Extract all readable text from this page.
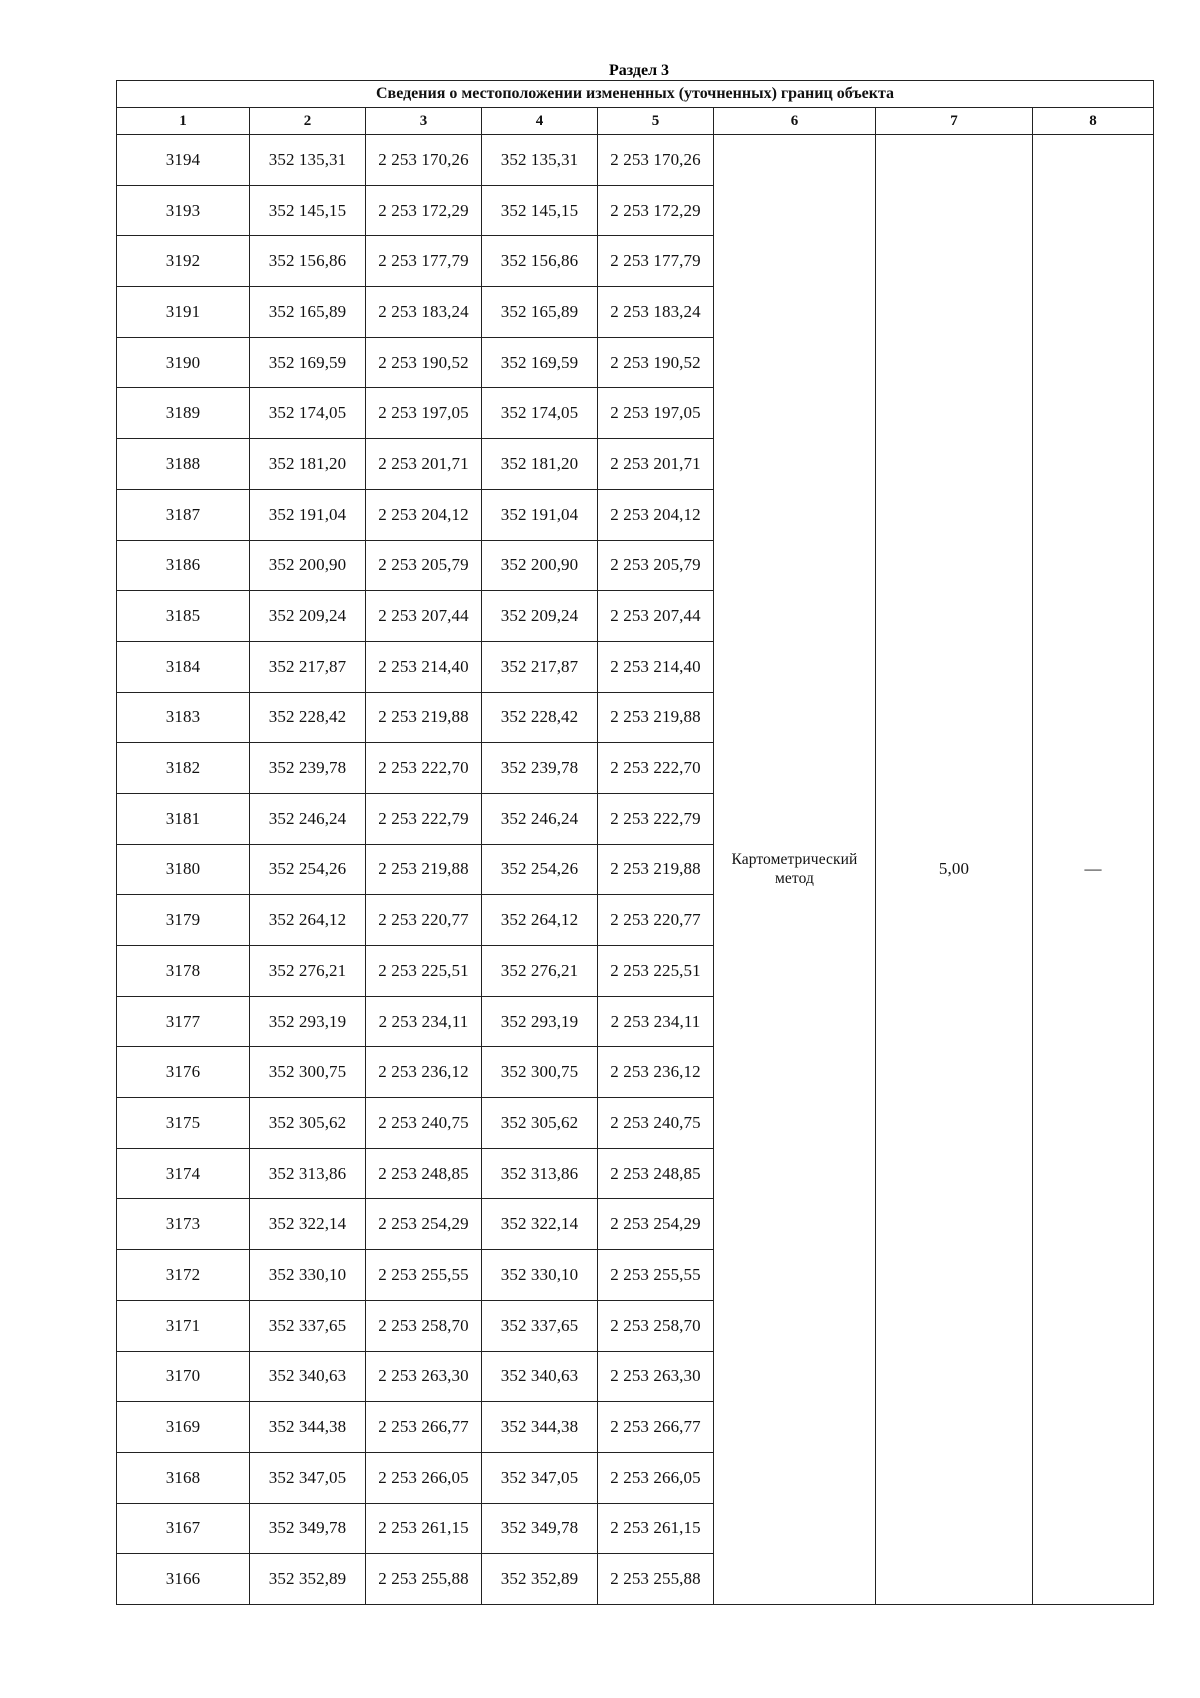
Раздел 3
Сведения о местоположении измененных (уточненных) границ объекта							
1	2	3	4	5	6	7	8
3194	352 135,31	2 253 170,26	352 135,31	2 253 170,26	Картометрический метод	5,00	—
3193	352 145,15	2 253 172,29	352 145,15	2 253 172,29			
3192	352 156,86	2 253 177,79	352 156,86	2 253 177,79			
3191	352 165,89	2 253 183,24	352 165,89	2 253 183,24			
3190	352 169,59	2 253 190,52	352 169,59	2 253 190,52			
3189	352 174,05	2 253 197,05	352 174,05	2 253 197,05			
3188	352 181,20	2 253 201,71	352 181,20	2 253 201,71			
3187	352 191,04	2 253 204,12	352 191,04	2 253 204,12			
3186	352 200,90	2 253 205,79	352 200,90	2 253 205,79			
3185	352 209,24	2 253 207,44	352 209,24	2 253 207,44			
3184	352 217,87	2 253 214,40	352 217,87	2 253 214,40			
3183	352 228,42	2 253 219,88	352 228,42	2 253 219,88			
3182	352 239,78	2 253 222,70	352 239,78	2 253 222,70			
3181	352 246,24	2 253 222,79	352 246,24	2 253 222,79			
3180	352 254,26	2 253 219,88	352 254,26	2 253 219,88			
3179	352 264,12	2 253 220,77	352 264,12	2 253 220,77			
3178	352 276,21	2 253 225,51	352 276,21	2 253 225,51			
3177	352 293,19	2 253 234,11	352 293,19	2 253 234,11			
3176	352 300,75	2 253 236,12	352 300,75	2 253 236,12			
3175	352 305,62	2 253 240,75	352 305,62	2 253 240,75			
3174	352 313,86	2 253 248,85	352 313,86	2 253 248,85			
3173	352 322,14	2 253 254,29	352 322,14	2 253 254,29			
3172	352 330,10	2 253 255,55	352 330,10	2 253 255,55			
3171	352 337,65	2 253 258,70	352 337,65	2 253 258,70			
3170	352 340,63	2 253 263,30	352 340,63	2 253 263,30			
3169	352 344,38	2 253 266,77	352 344,38	2 253 266,77			
3168	352 347,05	2 253 266,05	352 347,05	2 253 266,05			
3167	352 349,78	2 253 261,15	352 349,78	2 253 261,15			
3166	352 352,89	2 253 255,88	352 352,89	2 253 255,88			
